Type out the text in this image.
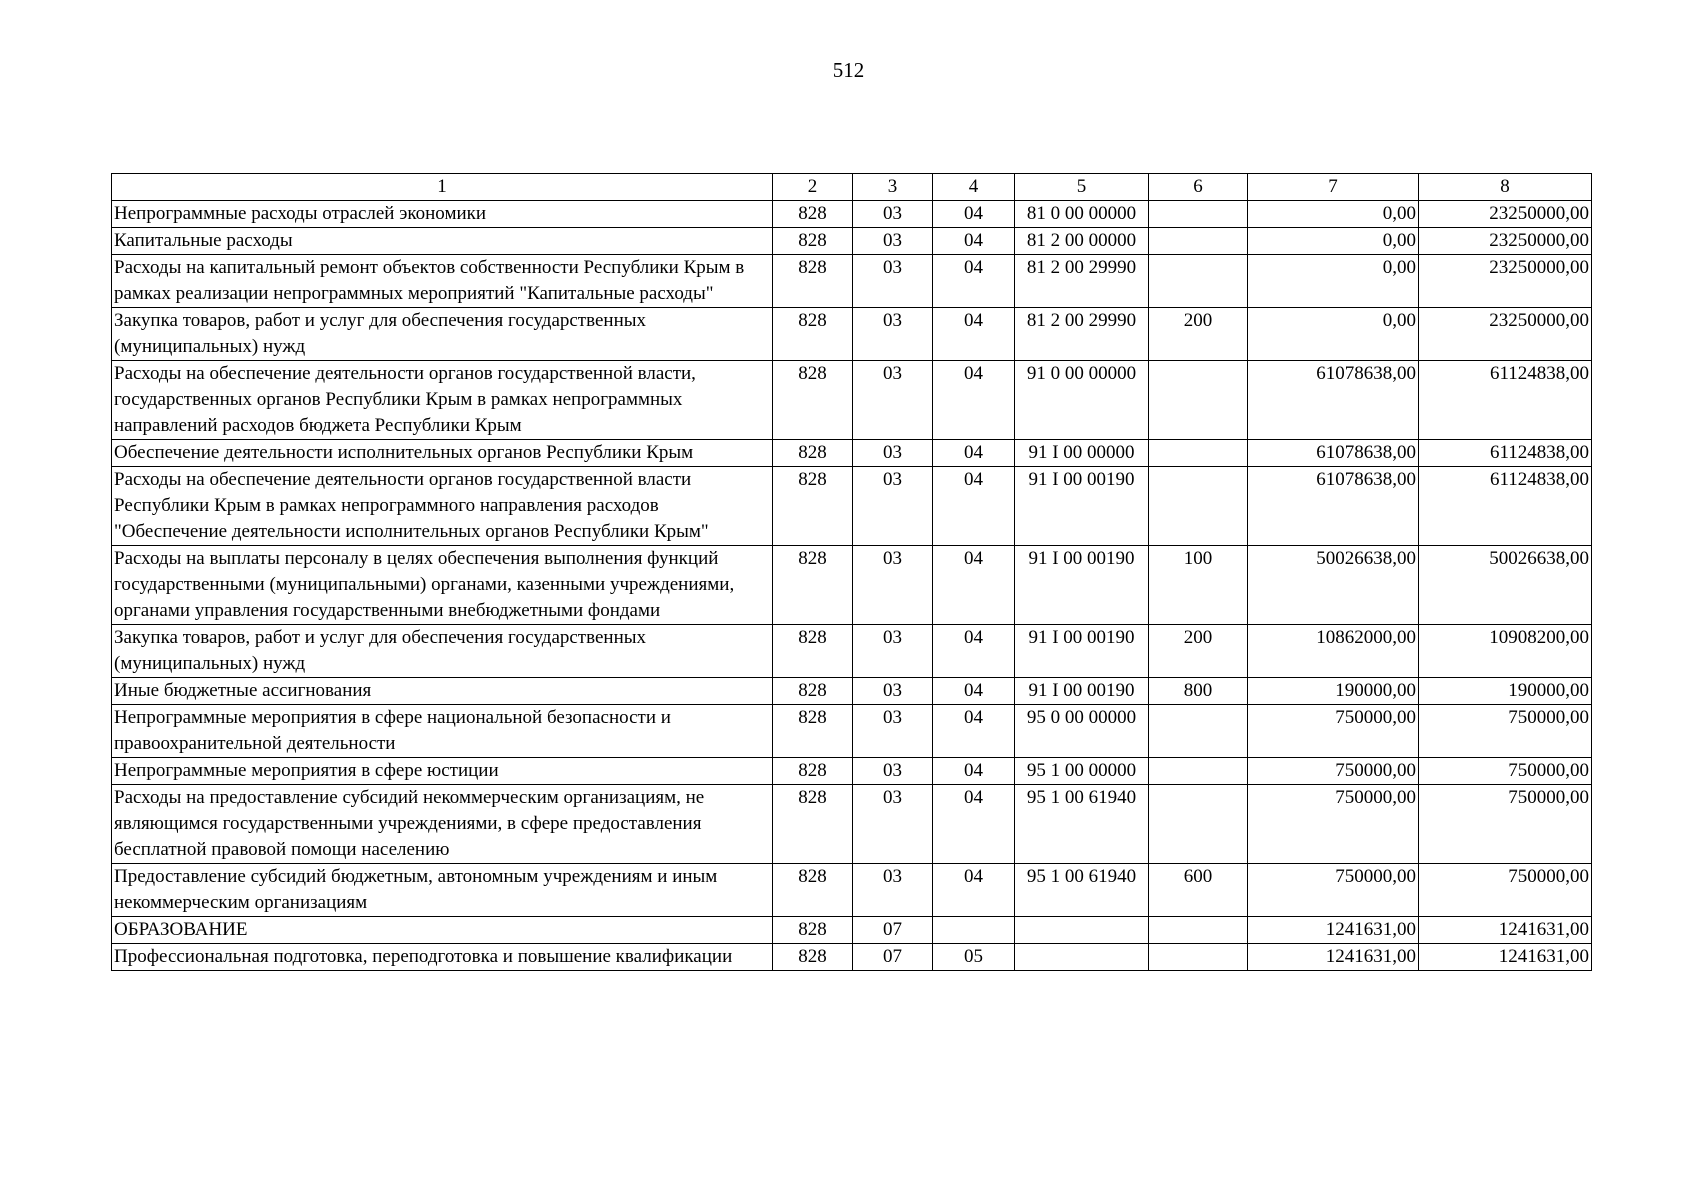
512
1	2	3	4	5	6	7	8
Непрограммные расходы отраслей экономики	828	03	04	81 0 00 00000		0,00	23250000,00
Капитальные расходы	828	03	04	81 2 00 00000		0,00	23250000,00
Расходы на капитальный ремонт объектов собственности Республики Крым в рамках реализации непрограммных мероприятий "Капитальные расходы"	828	03	04	81 2 00 29990		0,00	23250000,00
Закупка товаров, работ и услуг для обеспечения государственных (муниципальных) нужд	828	03	04	81 2 00 29990	200	0,00	23250000,00
Расходы на обеспечение деятельности органов государственной власти, государственных органов Республики Крым в рамках непрограммных направлений расходов бюджета Республики Крым	828	03	04	91 0 00 00000		61078638,00	61124838,00
Обеспечение деятельности исполнительных органов Республики Крым	828	03	04	91 I 00 00000		61078638,00	61124838,00
Расходы на обеспечение деятельности органов государственной власти Республики Крым в рамках непрограммного направления расходов "Обеспечение деятельности исполнительных органов Республики Крым"	828	03	04	91 I 00 00190		61078638,00	61124838,00
Расходы на выплаты персоналу в целях обеспечения выполнения функций государственными (муниципальными) органами, казенными учреждениями, органами управления государственными внебюджетными фондами	828	03	04	91 I 00 00190	100	50026638,00	50026638,00
Закупка товаров, работ и услуг для обеспечения государственных (муниципальных) нужд	828	03	04	91 I 00 00190	200	10862000,00	10908200,00
Иные бюджетные ассигнования	828	03	04	91 I 00 00190	800	190000,00	190000,00
Непрограммные мероприятия в сфере национальной безопасности и правоохранительной деятельности	828	03	04	95 0 00 00000		750000,00	750000,00
Непрограммные мероприятия в сфере юстиции	828	03	04	95 1 00 00000		750000,00	750000,00
Расходы на предоставление субсидий некоммерческим организациям, не являющимся государственными учреждениями, в сфере предоставления бесплатной правовой помощи населению	828	03	04	95 1 00 61940		750000,00	750000,00
Предоставление субсидий бюджетным, автономным учреждениям и иным некоммерческим организациям	828	03	04	95 1 00 61940	600	750000,00	750000,00
ОБРАЗОВАНИЕ	828	07				1241631,00	1241631,00
Профессиональная подготовка, переподготовка и повышение квалификации	828	07	05			1241631,00	1241631,00
